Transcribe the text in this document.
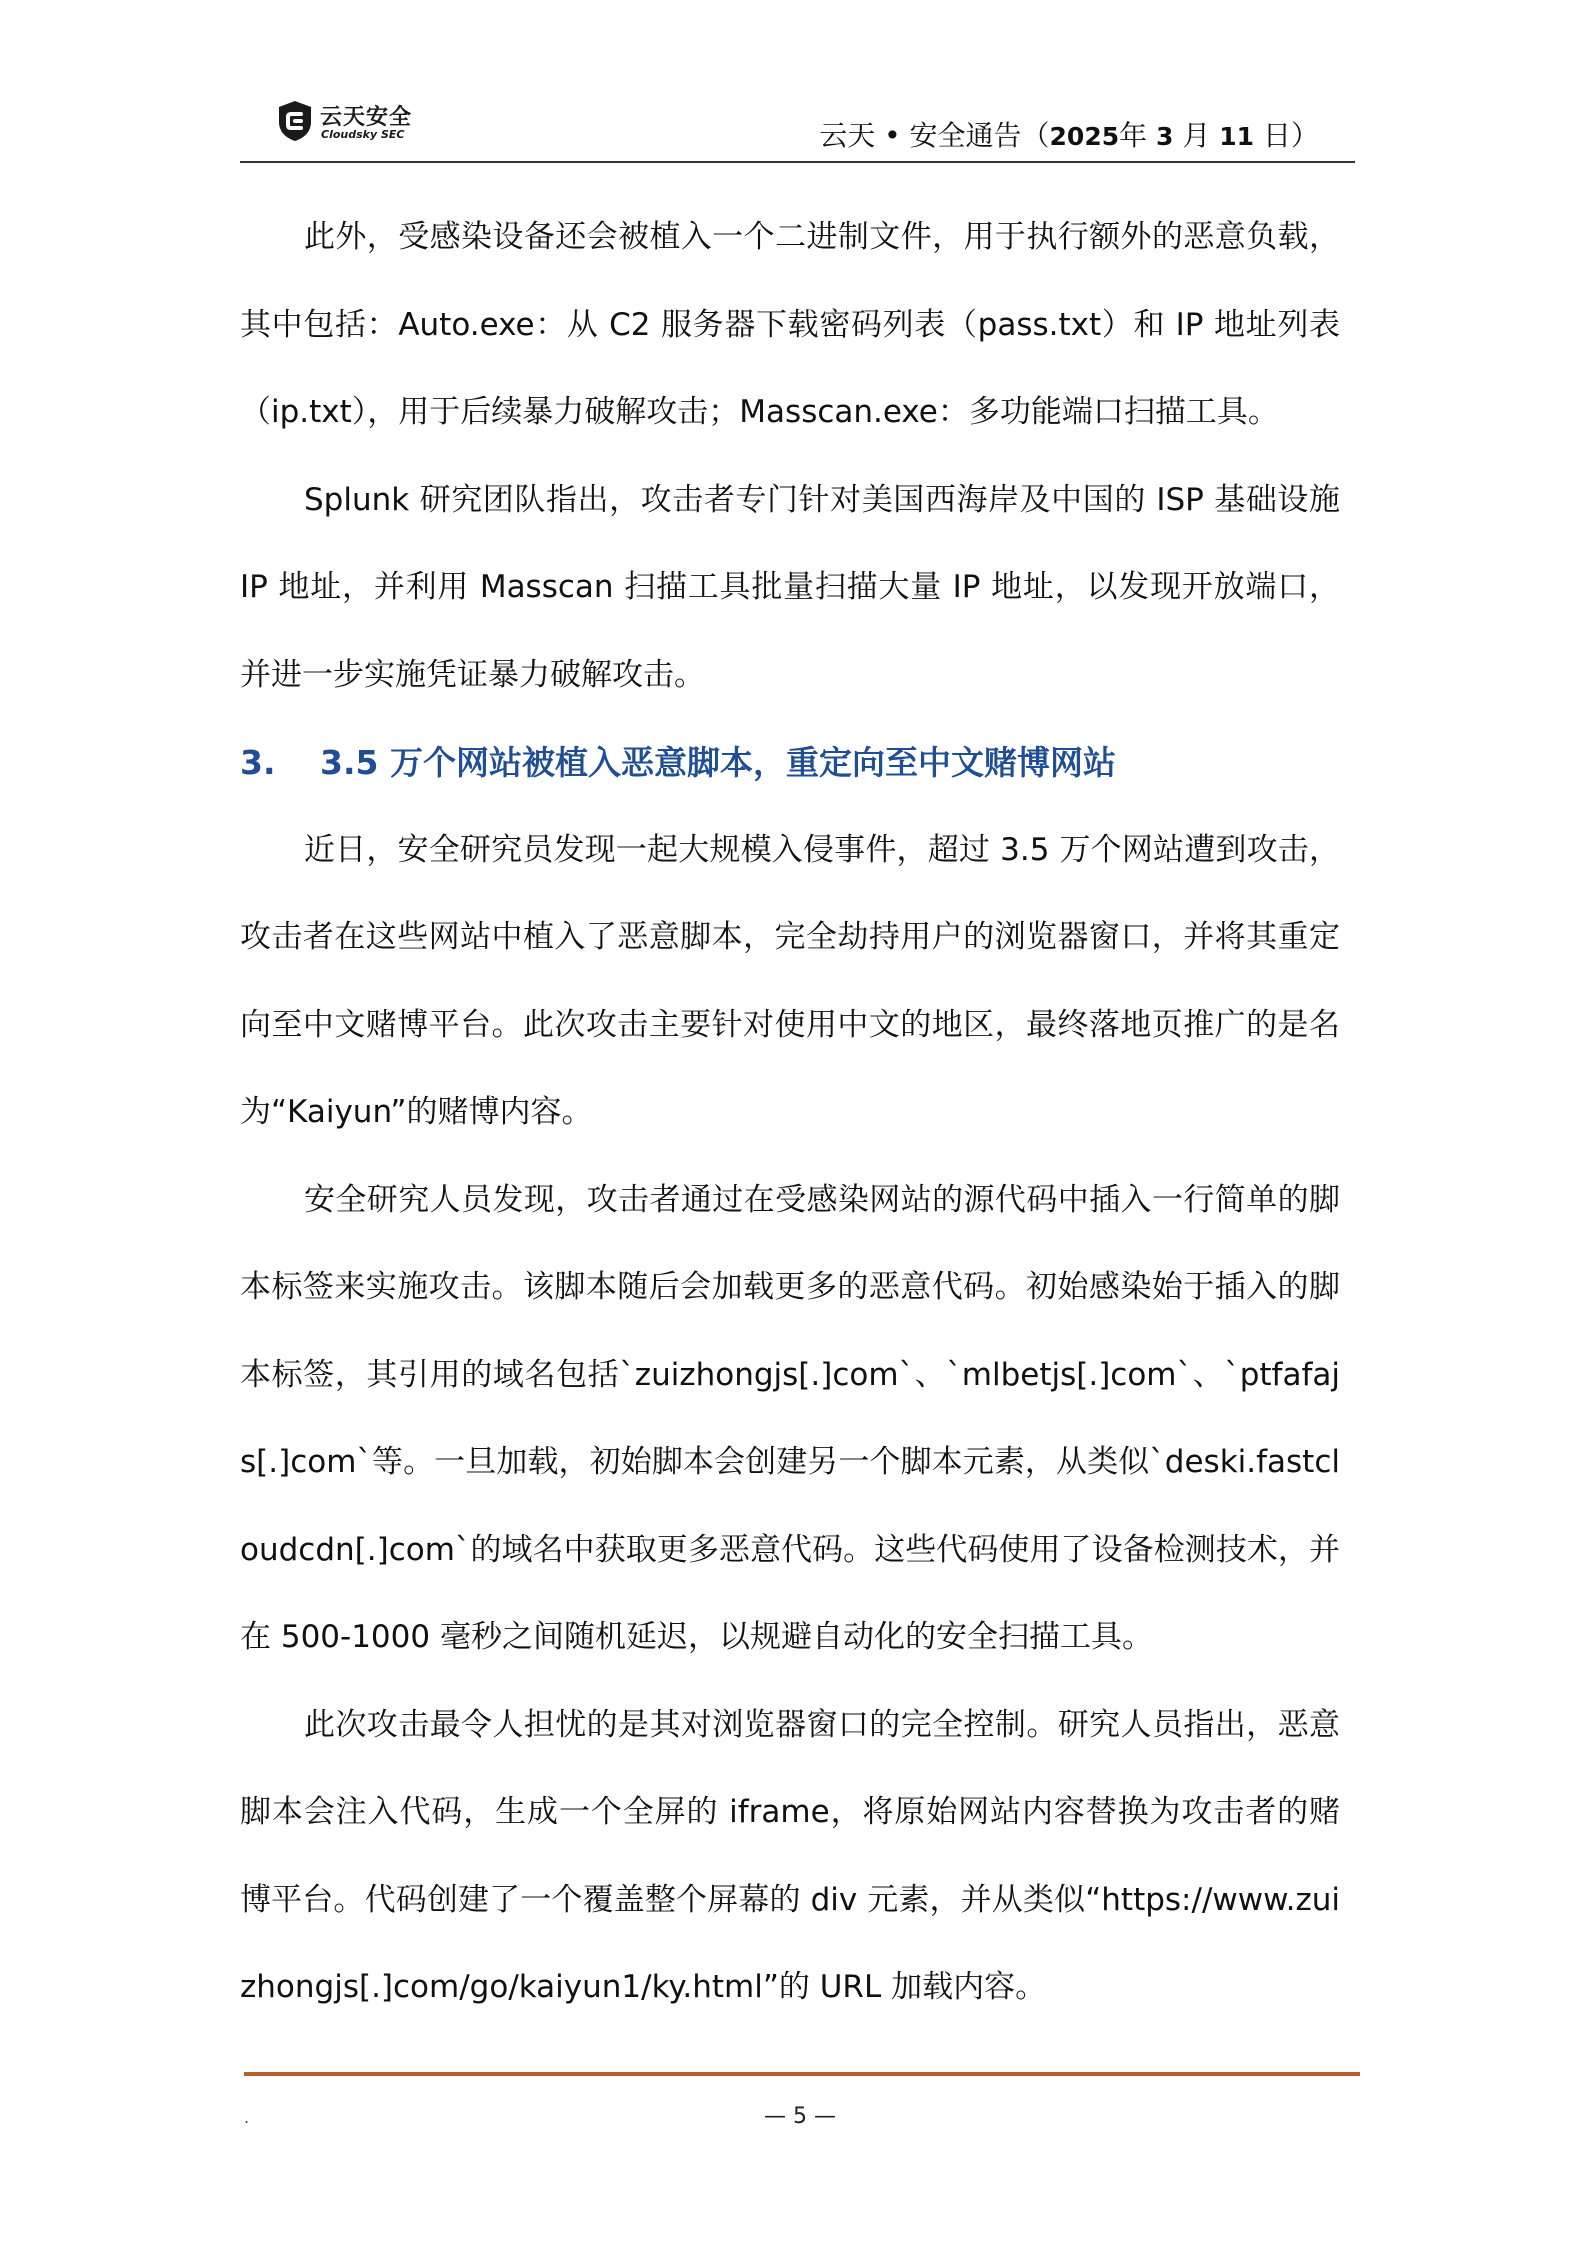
云天安全
Cloudsky SEC	云天 • 安全通告（2025年 3 月 11 日）

此外，受感染设备还会被植入一个二进制文件，用于执行额外的恶意负载，其中包括：Auto.exe：从 C2 服务器下载密码列表（pass.txt）和 IP 地址列表（ip.txt），用于后续暴力破解攻击；Masscan.exe：多功能端口扫描工具。

Splunk 研究团队指出，攻击者专门针对美国西海岸及中国的 ISP 基础设施 IP 地址，并利用 Masscan 扫描工具批量扫描大量 IP 地址，以发现开放端口，并进一步实施凭证暴力破解攻击。

3. 3.5 万个网站被植入恶意脚本，重定向至中文赌博网站

近日，安全研究员发现一起大规模入侵事件，超过 3.5 万个网站遭到攻击，攻击者在这些网站中植入了恶意脚本，完全劫持用户的浏览器窗口，并将其重定向至中文赌博平台。此次攻击主要针对使用中文的地区，最终落地页推广的是名为“Kaiyun”的赌博内容。

安全研究人员发现，攻击者通过在受感染网站的源代码中插入一行简单的脚本标签来实施攻击。该脚本随后会加载更多的恶意代码。初始感染始于插入的脚本标签，其引用的域名包括`zuizhongjs[.]com`、`mlbetjs[.]com`、`ptfafajs[.]com`等。一旦加载，初始脚本会创建另一个脚本元素，从类似`deski.fastcloudcdn[.]com`的域名中获取更多恶意代码。这些代码使用了设备检测技术，并在 500-1000 毫秒之间随机延迟，以规避自动化的安全扫描工具。

此次攻击最令人担忧的是其对浏览器窗口的完全控制。研究人员指出，恶意脚本会注入代码，生成一个全屏的 iframe，将原始网站内容替换为攻击者的赌博平台。代码创建了一个覆盖整个屏幕的 div 元素，并从类似“https://www.zuizhongjs[.]com/go/kaiyun1/ky.html”的 URL 加载内容。

.	— 5 —
